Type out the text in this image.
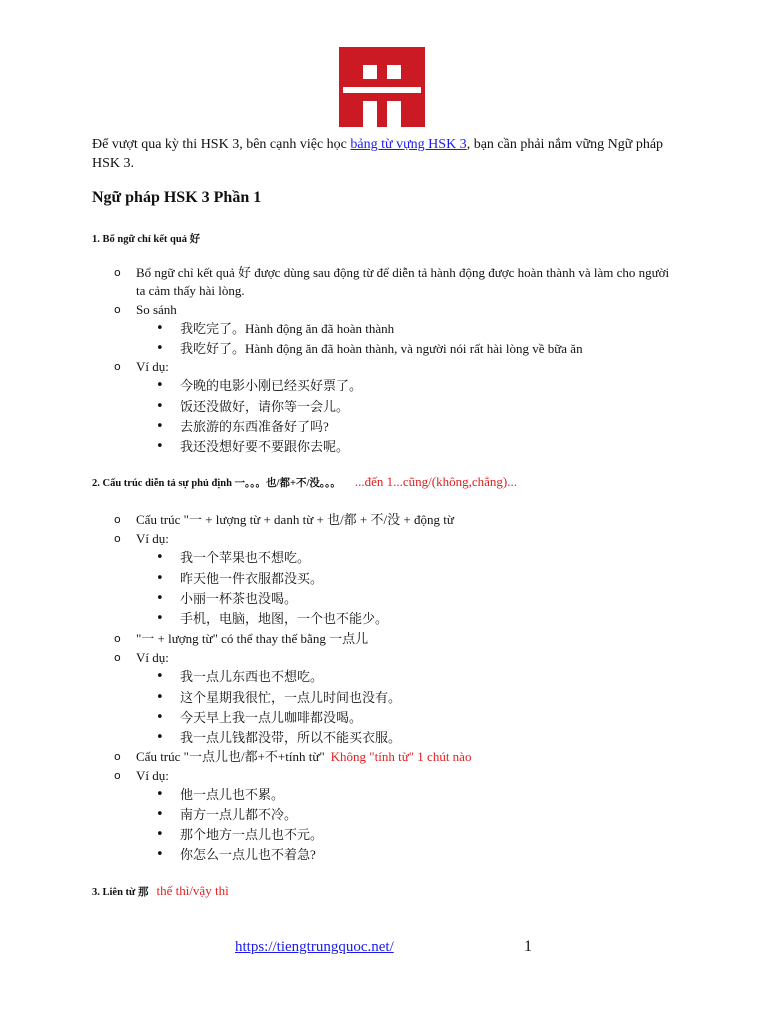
Để vượt qua kỳ thi HSK 3, bên cạnh việc học bảng từ vựng HSK 3, bạn cần phải nắm vững Ngữ pháp HSK 3.
Ngữ pháp HSK 3 Phần 1
1. Bổ ngữ chỉ kết quả 好
o Bổ ngữ chỉ kết quả 好 được dùng sau động từ để diễn tả hành động được hoàn thành và làm cho người ta cảm thấy hài lòng.
o So sánh
• 我吃完了。Hành động ăn đã hoàn thành
• 我吃好了。Hành động ăn đã hoàn thành, và người nói rất hài lòng về bữa ăn
o Ví dụ:
• 今晚的电影小刚已经买好票了。
• 饭还没做好，请你等一会儿。
• 去旅游的东西准备好了吗?
• 我还没想好要不要跟你去呢。
2. Cấu trúc diễn tả sự phủ định 一。。。也/都+不/没。。。 ...đến 1...cũng/(không,chẳng)...
o Cấu trúc "一 + lượng từ + danh từ + 也/都 + 不/没 + động từ
o Ví dụ:
• 我一个苹果也不想吃。
• 昨天他一件衣服都没买。
• 小丽一杯茶也没喝。
• 手机，电脑，地图，一个也不能少。
o "一 + lượng từ" có thể thay thế bằng 一点儿
o Ví dụ:
• 我一点儿东西也不想吃。
• 这个星期我很忙，一点儿时间也没有。
• 今天早上我一点儿咖啡都没喝。
• 我一点儿钱都没带，所以不能买衣服。
o Cấu trúc "一点儿也/都+不+tính từ" Không "tính từ" 1 chút nào
o Ví dụ:
• 他一点儿也不累。
• 南方一点儿都不冷。
• 那个地方一点儿也不元。
• 你怎么一点儿也不着急?
3. Liên từ 那 thế thì/vậy thì
https://tiengtrungquoc.net/	1
